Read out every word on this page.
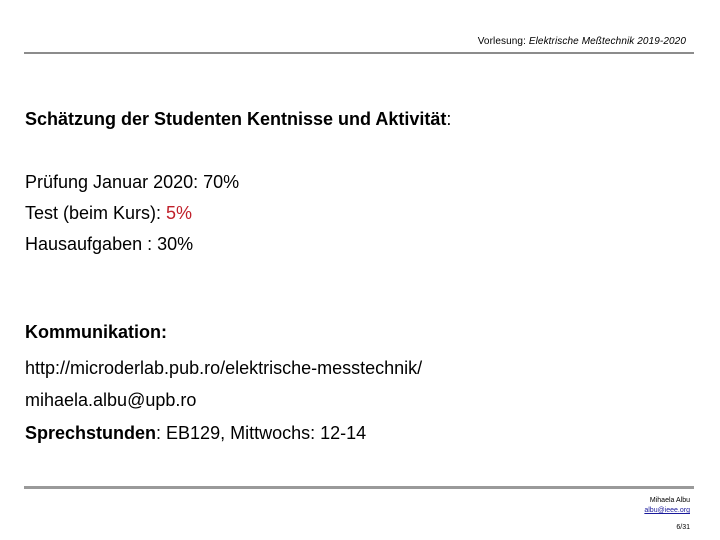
Vorlesung: Elektrische Meßtechnik 2019-2020
Schätzung der Studenten Kentnisse und Aktivität:
Prüfung Januar 2020: 70%
Test (beim Kurs): 5%
Hausaufgaben : 30%
Kommunikation:
http://microderlab.pub.ro/elektrische-messtechnik/
mihaela.albu@upb.ro
Sprechstunden: EB129, Mittwochs: 12-14
Mihaela Albu
albu@ieee.org
6/31
